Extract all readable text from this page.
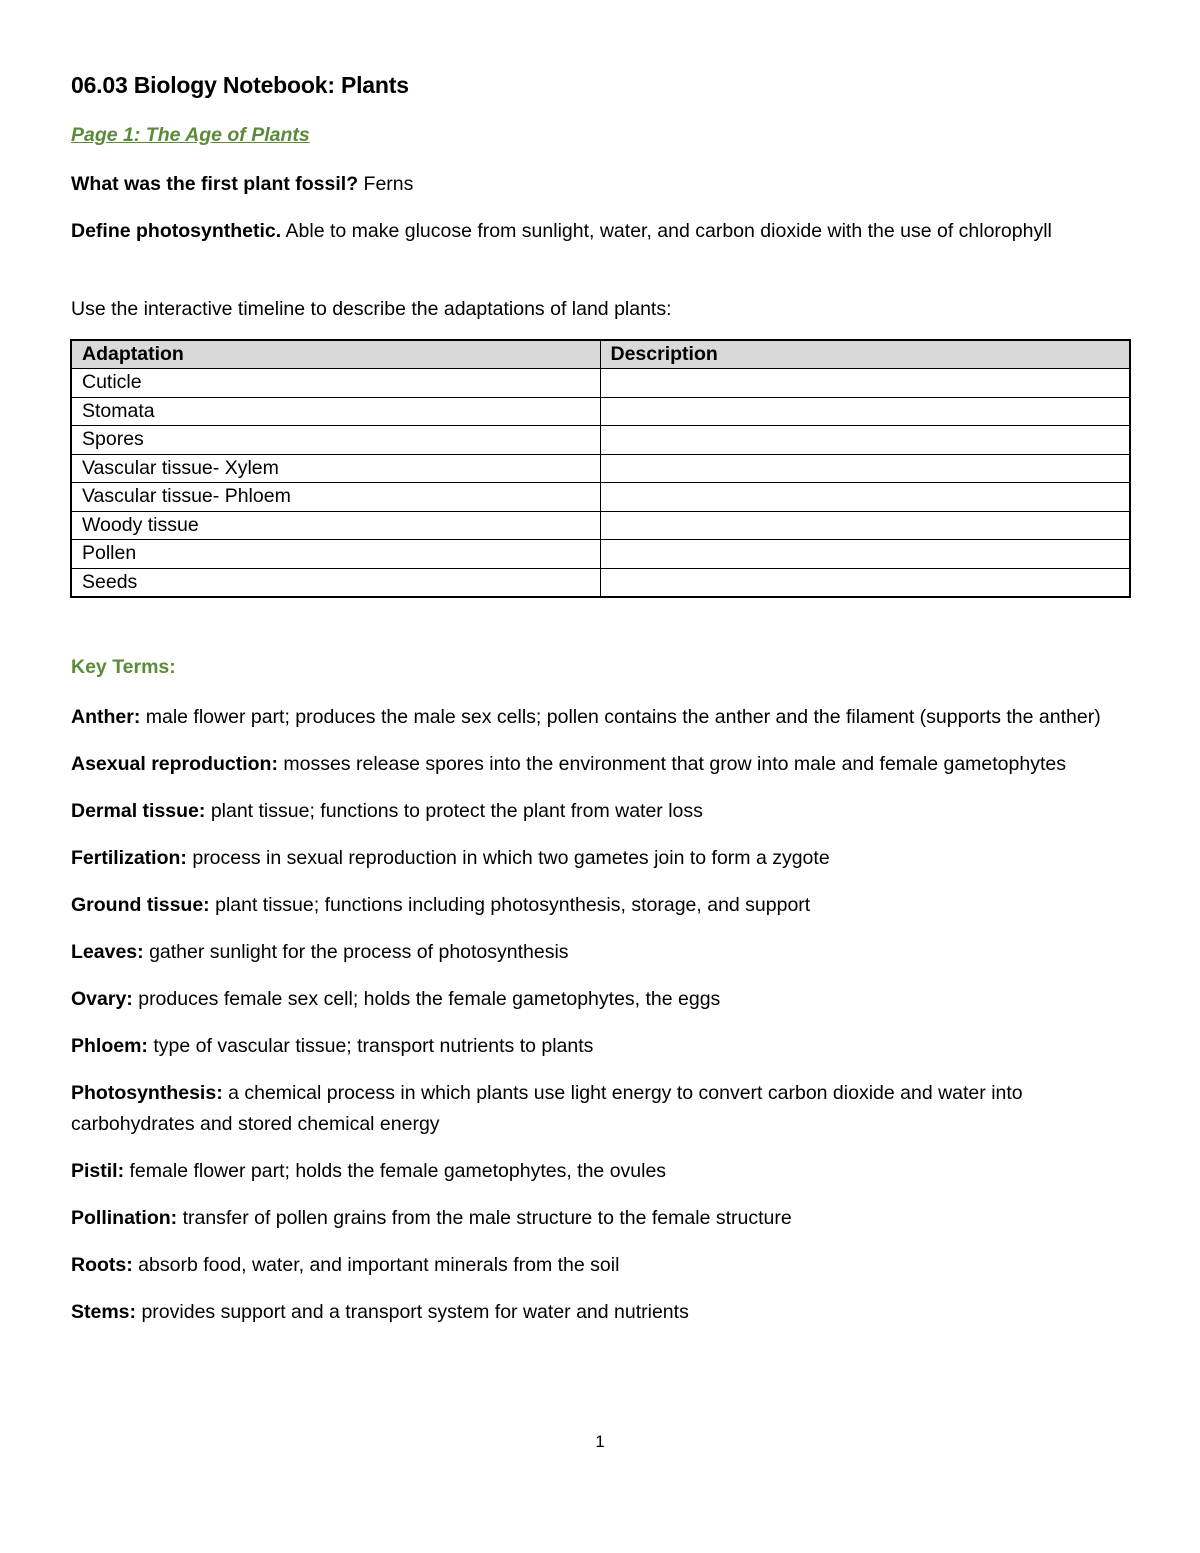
06.03 Biology Notebook: Plants
Page 1: The Age of Plants
What was the first plant fossil? Ferns
Define photosynthetic. Able to make glucose from sunlight, water, and carbon dioxide with the use of chlorophyll
Use the interactive timeline to describe the adaptations of land plants:
Adaptation	Description
Cuticle	
Stomata	
Spores	
Vascular tissue- Xylem	
Vascular tissue- Phloem	
Woody tissue	
Pollen	
Seeds	
Key Terms:
Anther: male flower part; produces the male sex cells; pollen contains the anther and the filament (supports the anther)
Asexual reproduction: mosses release spores into the environment that grow into male and female gametophytes
Dermal tissue: plant tissue; functions to protect the plant from water loss
Fertilization: process in sexual reproduction in which two gametes join to form a zygote
Ground tissue: plant tissue; functions including photosynthesis, storage, and support
Leaves: gather sunlight for the process of photosynthesis
Ovary: produces female sex cell; holds the female gametophytes, the eggs
Phloem: type of vascular tissue; transport nutrients to plants
Photosynthesis: a chemical process in which plants use light energy to convert carbon dioxide and water into carbohydrates and stored chemical energy
Pistil: female flower part; holds the female gametophytes, the ovules
Pollination: transfer of pollen grains from the male structure to the female structure
Roots: absorb food, water, and important minerals from the soil
Stems: provides support and a transport system for water and nutrients
1
